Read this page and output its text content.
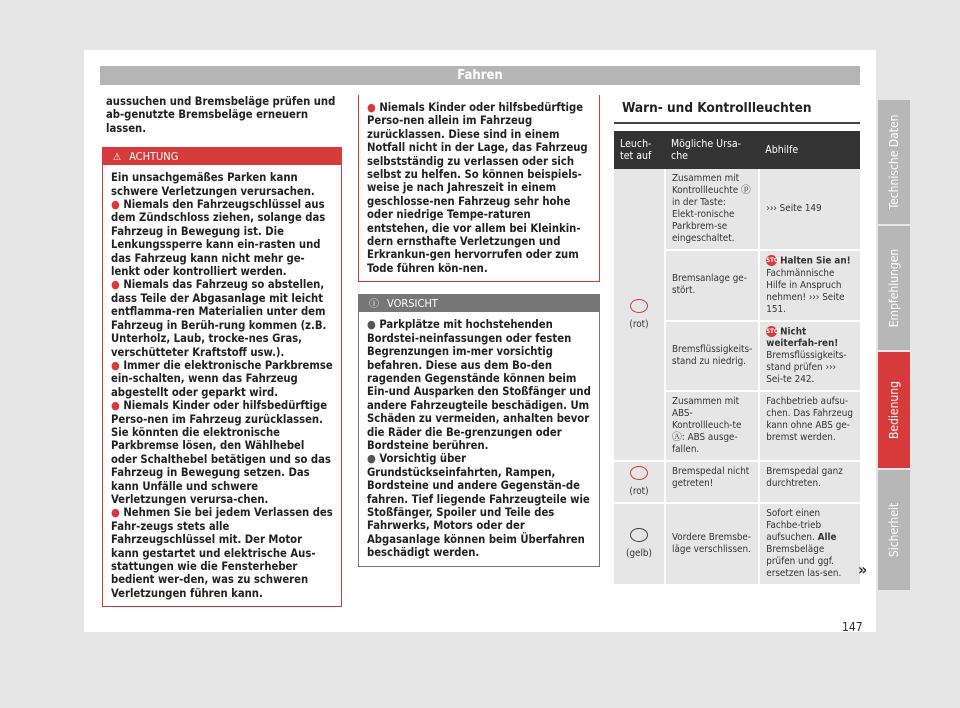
Fahren

aussuchen und Bremsbeläge prüfen und ab-genutzte Bremsbeläge erneuern lassen.

⚠ ACHTUNG

Ein unsachgemäßes Parken kann schwere Verletzungen verursachen.

● Niemals den Fahrzeugschlüssel aus dem Zündschloss ziehen, solange das Fahrzeug in Bewegung ist. Die Lenkungssperre kann ein-rasten und das Fahrzeug kann nicht mehr ge-lenkt oder kontrolliert werden.

● Niemals das Fahrzeug so abstellen, dass Teile der Abgasanlage mit leicht entflamma-ren Materialien unter dem Fahrzeug in Berüh-rung kommen (z.B. Unterholz, Laub, trocke-nes Gras, verschütteter Kraftstoff usw.).

● Immer die elektronische Parkbremse ein-schalten, wenn das Fahrzeug abgestellt oder geparkt wird.

● Niemals Kinder oder hilfsbedürftige Perso-nen im Fahrzeug zurücklassen. Sie könnten die elektronische Parkbremse lösen, den Wählhebel oder Schalthebel betätigen und so das Fahrzeug in Bewegung setzen. Das kann Unfälle und schwere Verletzungen verursa-chen.

● Nehmen Sie bei jedem Verlassen des Fahr-zeugs stets alle Fahrzeugschlüssel mit. Der Motor kann gestartet und elektrische Aus-stattungen wie die Fensterheber bedient wer-den, was zu schweren Verletzungen führen kann.

● Niemals Kinder oder hilfsbedürftige Perso-nen allein im Fahrzeug zurücklassen. Diese sind in einem Notfall nicht in der Lage, das Fahrzeug selbstständig zu verlassen oder sich selbst zu helfen. So können beispiels-weise je nach Jahreszeit in einem geschlosse-nen Fahrzeug sehr hohe oder niedrige Tempe-raturen entstehen, die vor allem bei Kleinkin-dern ernsthafte Verletzungen und Erkrankun-gen hervorrufen oder zum Tode führen kön-nen.

ⓘ VORSICHT

● Parkplätze mit hochstehenden Bordstei-neinfassungen oder festen Begrenzungen im-mer vorsichtig befahren. Diese aus dem Bo-den ragenden Gegenstände können beim Ein-und Ausparken den Stoßfänger und andere Fahrzeugteile beschädigen. Um Schäden zu vermeiden, anhalten bevor die Räder die Be-grenzungen oder Bordsteine berühren.

● Vorsichtig über Grundstückseinfahrten, Rampen, Bordsteine und andere Gegenstän-de fahren. Tief liegende Fahrzeugteile wie Stoßfänger, Spoiler und Teile des Fahrwerks, Motors oder der Abgasanlage können beim Überfahren beschädigt werden.

Warn- und Kontrollleuchten
Leuch-tet auf	Mögliche Ursa-che	Abhilfe

(rot)	Zusammen mit Kontrollleuchte ⓟ in der Taste: Elekt-ronische Parkbrem-se eingeschaltet.	››› Seite 149
	Bremsanlage ge-stört.	STOP Halten Sie an! Fachmännische Hilfe in Anspruch nehmen! ››› Seite 151.
	Bremsflüssigkeits-stand zu niedrig.	STOP Nicht weiterfah-ren! Bremsflüssigkeits-stand prüfen ››› Sei-te 242.
	Zusammen mit ABS-Kontrollleuch-te Ⓐ: ABS ausge-fallen.	Fachbetrieb aufsu-chen. Das Fahrzeug kann ohne ABS ge-bremst werden.

(rot)	Bremspedal nicht getreten!	Bremspedal ganz durchtreten.

(gelb)	Vordere Bremsbe-läge verschlissen.	Sofort einen Fachbe-trieb aufsuchen. Alle Bremsbeläge prüfen und ggf. ersetzen las-sen. »
Technische Daten
Empfehlungen
Bedienung
Sicherheit
147
